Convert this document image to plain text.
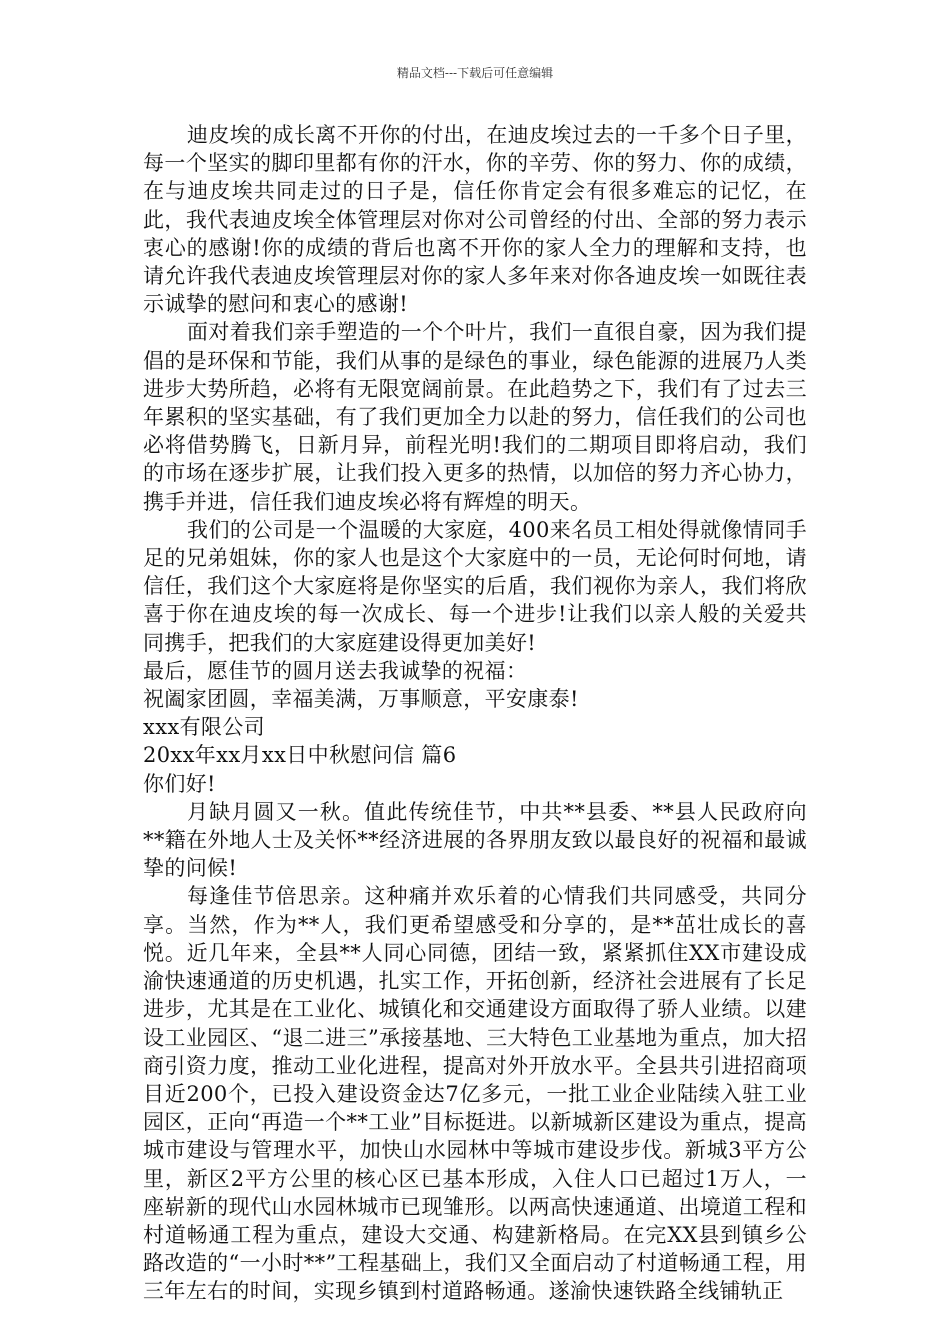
精品文档---下载后可任意编辑

迪皮埃的成长离不开你的付出，在迪皮埃过去的一千多个日子里，每一个坚实的脚印里都有你的汗水，你的辛劳、你的努力、你的成绩，在与迪皮埃共同走过的日子是，信任你肯定会有很多难忘的记忆，在此，我代表迪皮埃全体管理层对你对公司曾经的付出、全部的努力表示衷心的感谢!你的成绩的背后也离不开你的家人全力的理解和支持，也请允许我代表迪皮埃管理层对你的家人多年来对你各迪皮埃一如既往表示诚挚的慰问和衷心的感谢!

面对着我们亲手塑造的一个个叶片，我们一直很自豪，因为我们提倡的是环保和节能，我们从事的是绿色的事业，绿色能源的进展乃人类进步大势所趋，必将有无限宽阔前景。在此趋势之下，我们有了过去三年累积的坚实基础，有了我们更加全力以赴的努力，信任我们的公司也必将借势腾飞，日新月异，前程光明!我们的二期项目即将启动，我们的市场在逐步扩展，让我们投入更多的热情，以加倍的努力齐心协力，携手并进，信任我们迪皮埃必将有辉煌的明天。

我们的公司是一个温暖的大家庭，400来名员工相处得就像情同手足的兄弟姐妹，你的家人也是这个大家庭中的一员，无论何时何地，请信任，我们这个大家庭将是你坚实的后盾，我们视你为亲人，我们将欣喜于你在迪皮埃的每一次成长、每一个进步!让我们以亲人般的关爱共同携手，把我们的大家庭建设得更加美好!

最后，愿佳节的圆月送去我诚挚的祝福：

祝阖家团圆，幸福美满，万事顺意，平安康泰!

xxx有限公司

20xx年xx月xx日中秋慰问信 篇6

你们好!

月缺月圆又一秋。值此传统佳节，中共**县委、**县人民政府向**籍在外地人士及关怀**经济进展的各界朋友致以最良好的祝福和最诚挚的问候!

每逢佳节倍思亲。这种痛并欢乐着的心情我们共同感受，共同分享。当然，作为**人，我们更希望感受和分享的，是**茁壮成长的喜悦。近几年来，全县**人同心同德，团结一致，紧紧抓住XX市建设成渝快速通道的历史机遇，扎实工作，开拓创新，经济社会进展有了长足进步，尤其是在工业化、城镇化和交通建设方面取得了骄人业绩。以建设工业园区、“退二进三”承接基地、三大特色工业基地为重点，加大招商引资力度，推动工业化进程，提高对外开放水平。全县共引进招商项目近200个，已投入建设资金达7亿多元，一批工业企业陆续入驻工业园区，正向“再造一个**工业”目标挺进。以新城新区建设为重点，提高城市建设与管理水平，加快山水园林中等城市建设步伐。新城3平方公里，新区2平方公里的核心区已基本形成，入住人口已超过1万人，一座崭新的现代山水园林城市已现雏形。以两高快速通道、出境道工程和村道畅通工程为重点，建设大交通、构建新格局。在完XX县到镇乡公路改造的“一小时**”工程基础上，我们又全面启动了村道畅通工程，用三年左右的时间，实现乡镇到村道路畅通。遂渝快速铁路全线铺轨正
